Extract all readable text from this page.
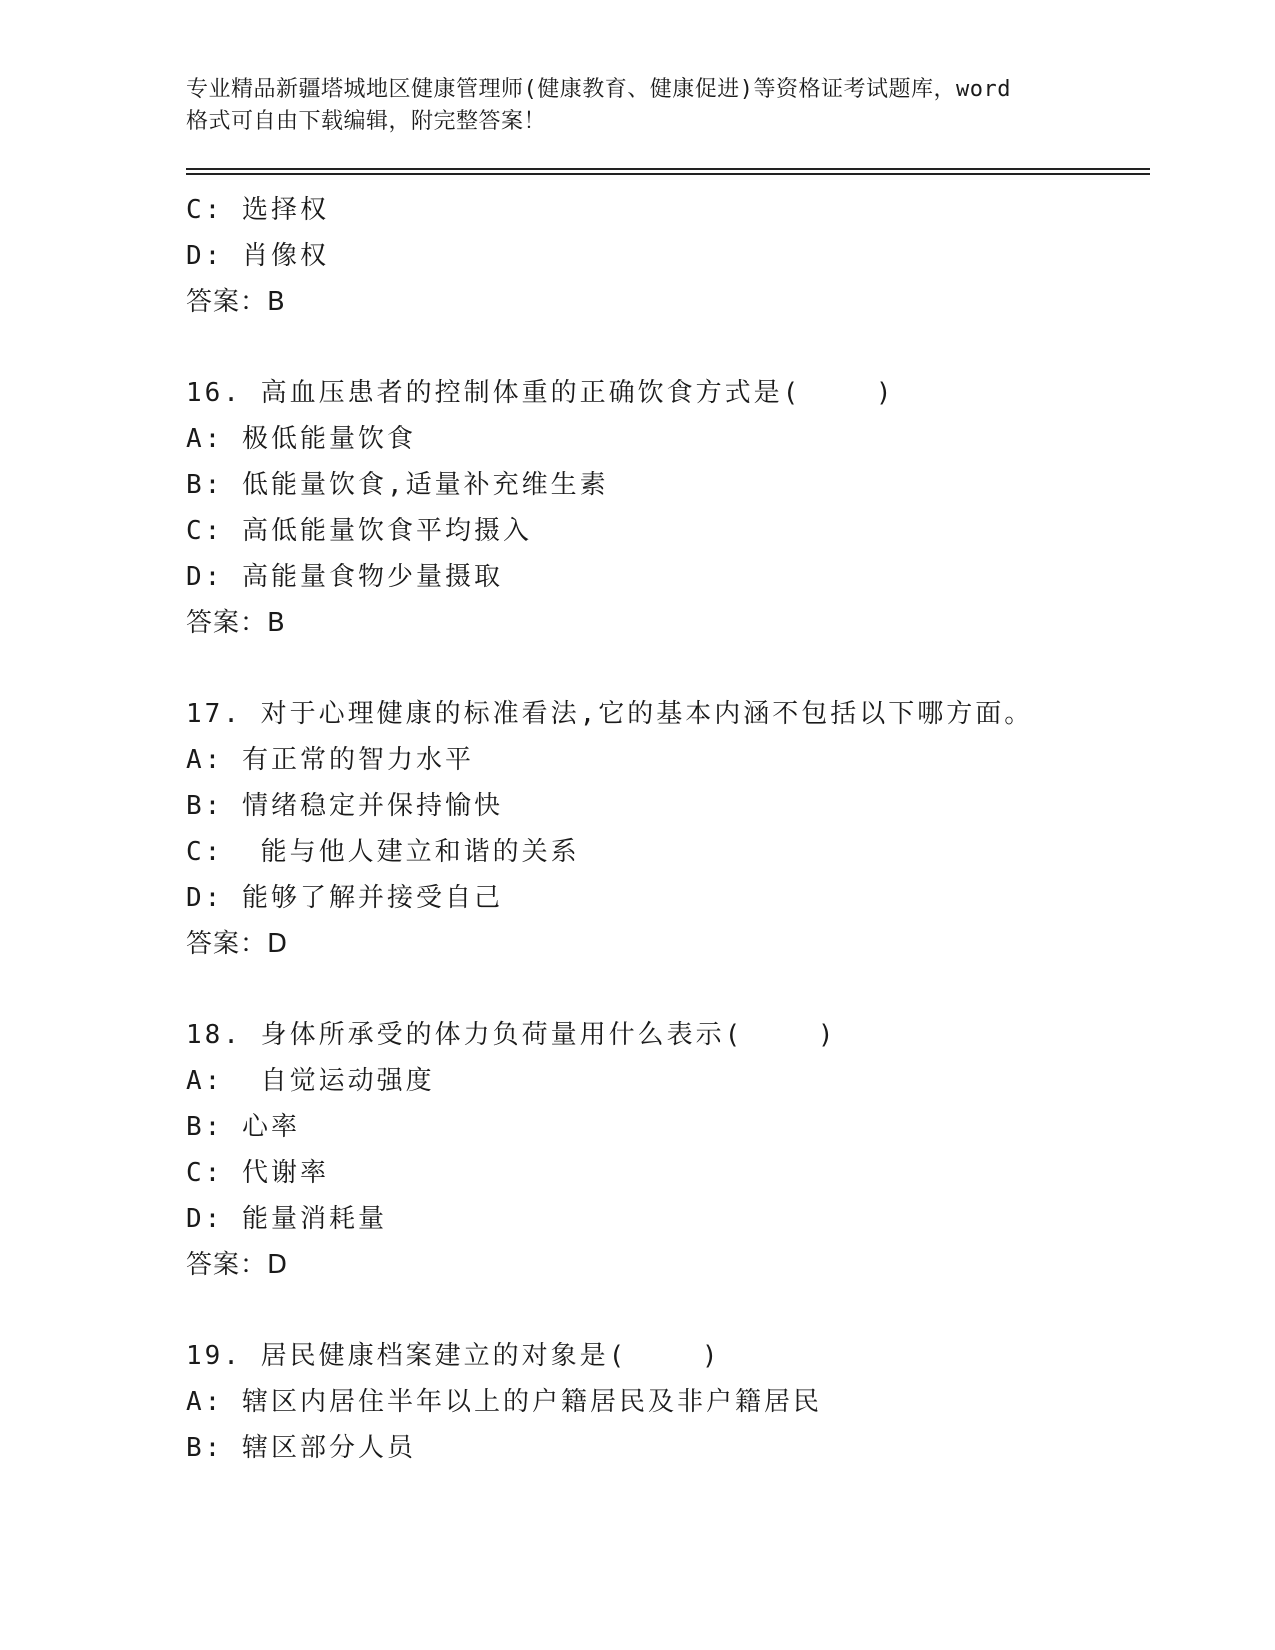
专业精品新疆塔城地区健康管理师(健康教育、健康促进)等资格证考试题库，word
格式可自由下载编辑，附完整答案！
C: 选择权
D: 肖像权
答案：B
16. 高血压患者的控制体重的正确饮食方式是(    )
A: 极低能量饮食
B: 低能量饮食,适量补充维生素
C: 高低能量饮食平均摄入
D: 高能量食物少量摄取
答案：B
17. 对于心理健康的标准看法,它的基本内涵不包括以下哪方面。
A: 有正常的智力水平
B: 情绪稳定并保持愉快
C:  能与他人建立和谐的关系
D: 能够了解并接受自己
答案：D
18. 身体所承受的体力负荷量用什么表示(    )
A:  自觉运动强度
B: 心率
C: 代谢率
D: 能量消耗量
答案：D
19. 居民健康档案建立的对象是(    )
A: 辖区内居住半年以上的户籍居民及非户籍居民
B: 辖区部分人员
